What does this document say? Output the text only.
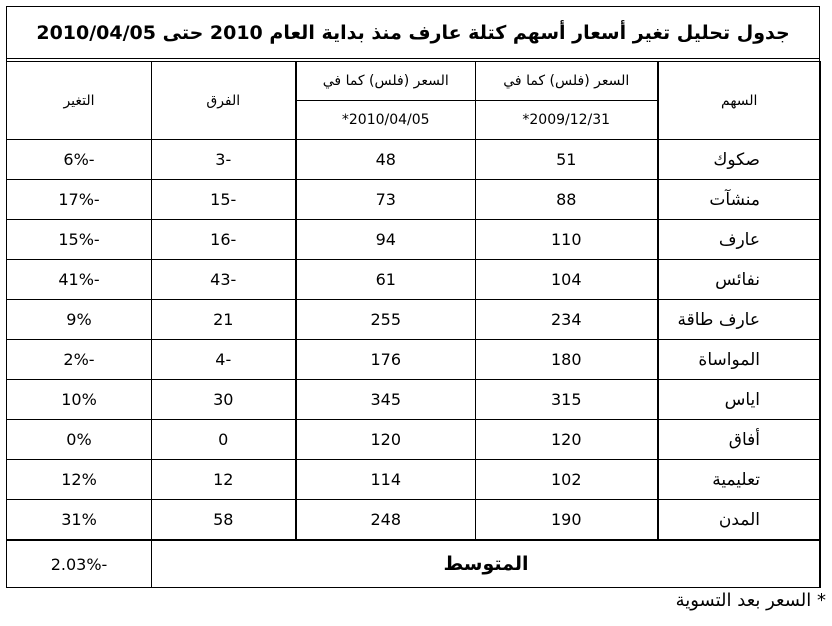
جدول تحليل تغير أسعار أسهم كتلة عارف منذ بداية العام 2010 حتى 2010/04/05
السهم	السعر (فلس) كما في	السعر (فلس) كما في	الفرق	التغير
	2009/12/31*	2010/04/05*		
صكوك	51	48	-3	-6%
منشآت	88	73	-15	-17%
عارف	110	94	-16	-15%
نفائس	104	61	-43	-41%
عارف طاقة	234	255	21	9%
المواساة	180	176	-4	-2%
اياس	315	345	30	10%
أفاق	120	120	0	0%
تعليمية	102	114	12	12%
المدن	190	248	58	31%
المتوسط	-2.03%
* السعر بعد التسوية
